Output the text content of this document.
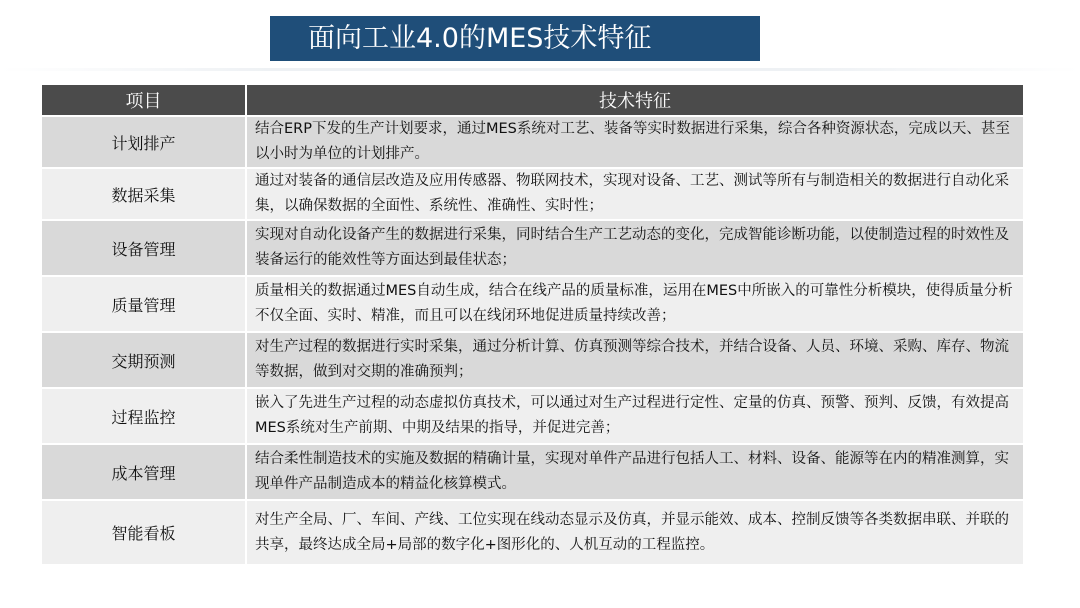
面向工业4.0的MES技术特征
项目	技术特征
计划排产	结合ERP下发的生产计划要求，通过MES系统对工艺、装备等实时数据进行采集，综合各种资源状态，完成以天、甚至以小时为单位的计划排产。
数据采集	通过对装备的通信层改造及应用传感器、物联网技术，实现对设备、工艺、测试等所有与制造相关的数据进行自动化采集，以确保数据的全面性、系统性、准确性、实时性；
设备管理	实现对自动化设备产生的数据进行采集，同时结合生产工艺动态的变化，完成智能诊断功能，以使制造过程的时效性及装备运行的能效性等方面达到最佳状态；
质量管理	质量相关的数据通过MES自动生成，结合在线产品的质量标准，运用在MES中所嵌入的可靠性分析模块，使得质量分析不仅全面、实时、精准，而且可以在线闭环地促进质量持续改善；
交期预测	对生产过程的数据进行实时采集，通过分析计算、仿真预测等综合技术，并结合设备、人员、环境、采购、库存、物流等数据，做到对交期的准确预判；
过程监控	嵌入了先进生产过程的动态虚拟仿真技术，可以通过对生产过程进行定性、定量的仿真、预警、预判、反馈，有效提高MES系统对生产前期、中期及结果的指导，并促进完善；
成本管理	结合柔性制造技术的实施及数据的精确计量，实现对单件产品进行包括人工、材料、设备、能源等在内的精准测算，实现单件产品制造成本的精益化核算模式。
智能看板	对生产全局、厂、车间、产线、工位实现在线动态显示及仿真，并显示能效、成本、控制反馈等各类数据串联、并联的共享，最终达成全局+局部的数字化+图形化的、人机互动的工程监控。
